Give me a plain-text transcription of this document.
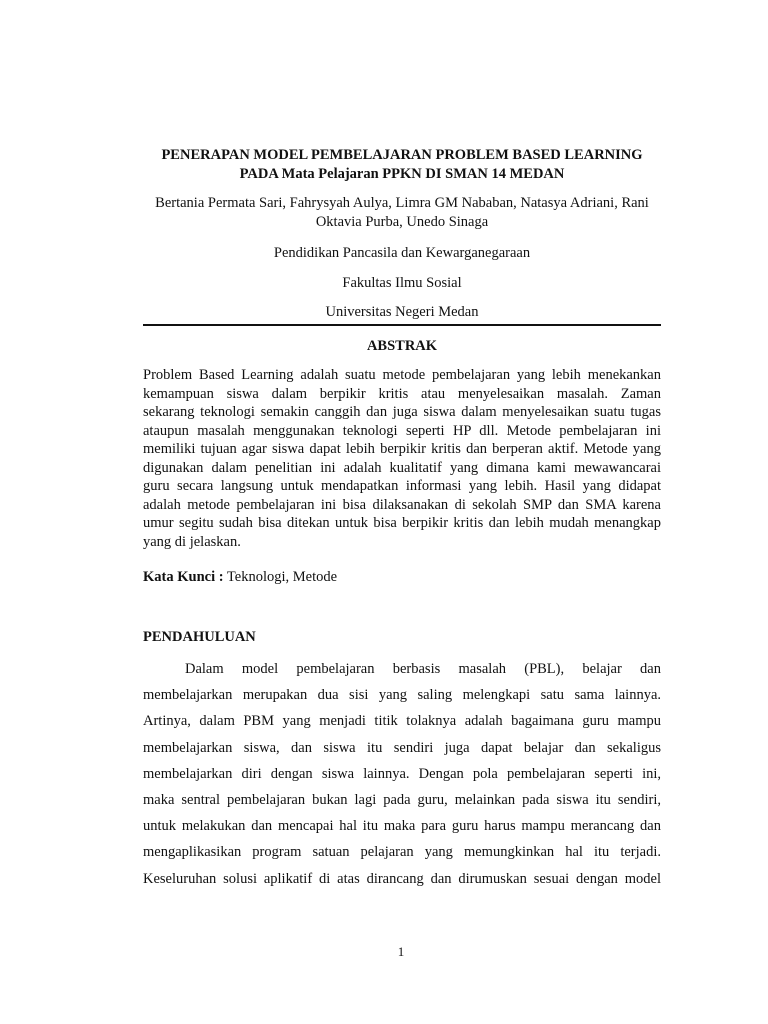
PENERAPAN MODEL PEMBELAJARAN PROBLEM BASED LEARNING
PADA Mata Pelajaran PPKN DI SMAN 14 MEDAN
Bertania Permata Sari, Fahrysyah Aulya, Limra GM Nababan, Natasya Adriani, Rani
Oktavia Purba, Unedo Sinaga
Pendidikan Pancasila dan Kewarganegaraan
Fakultas Ilmu Sosial
Universitas Negeri Medan
ABSTRAK
Problem Based Learning adalah suatu metode pembelajaran yang lebih menekankan
kemampuan siswa dalam berpikir kritis atau menyelesaikan masalah. Zaman
sekarang teknologi semakin canggih dan juga siswa dalam menyelesaikan suatu tugas
ataupun masalah menggunakan teknologi seperti HP dll. Metode pembelajaran ini
memiliki tujuan agar siswa dapat lebih berpikir kritis dan berperan aktif. Metode yang
digunakan dalam penelitian ini adalah kualitatif yang dimana kami mewawancarai
guru secara langsung untuk mendapatkan informasi yang lebih. Hasil yang didapat
adalah metode pembelajaran ini bisa dilaksanakan di sekolah SMP dan SMA karena
umur segitu sudah bisa ditekan untuk bisa berpikir kritis dan lebih mudah menangkap
yang di jelaskan.
Kata Kunci : Teknologi, Metode
PENDAHULUAN
Dalam model pembelajaran berbasis masalah (PBL), belajar dan
membelajarkan merupakan dua sisi yang saling melengkapi satu sama lainnya.
Artinya, dalam PBM yang menjadi titik tolaknya adalah bagaimana guru mampu
membelajarkan siswa, dan siswa itu sendiri juga dapat belajar dan sekaligus
membelajarkan diri dengan siswa lainnya. Dengan pola pembelajaran seperti ini,
maka sentral pembelajaran bukan lagi pada guru, melainkan pada siswa itu sendiri,
untuk melakukan dan mencapai hal itu maka para guru harus mampu merancang dan
mengaplikasikan program satuan pelajaran yang memungkinkan hal itu terjadi.
Keseluruhan solusi aplikatif di atas dirancang dan dirumuskan sesuai dengan model
1
